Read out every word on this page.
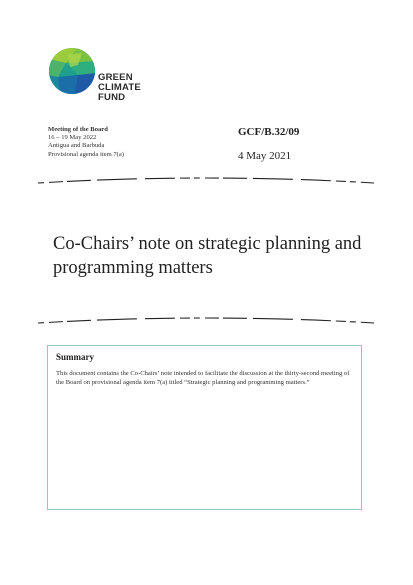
GREEN
CLIMATE
FUND
Meeting of the Board
16 – 19 May 2022
Antigua and Barbuda
Provisional agenda item 7(a)
GCF/B.32/09
4 May 2021
Co-Chairs’ note on strategic planning and programming matters
Summary

This document contains the Co-Chairs’ note intended to facilitate the discussion at the thirty-second meeting of the Board on provisional agenda item 7(a) titled “Strategic planning and programming matters.”
